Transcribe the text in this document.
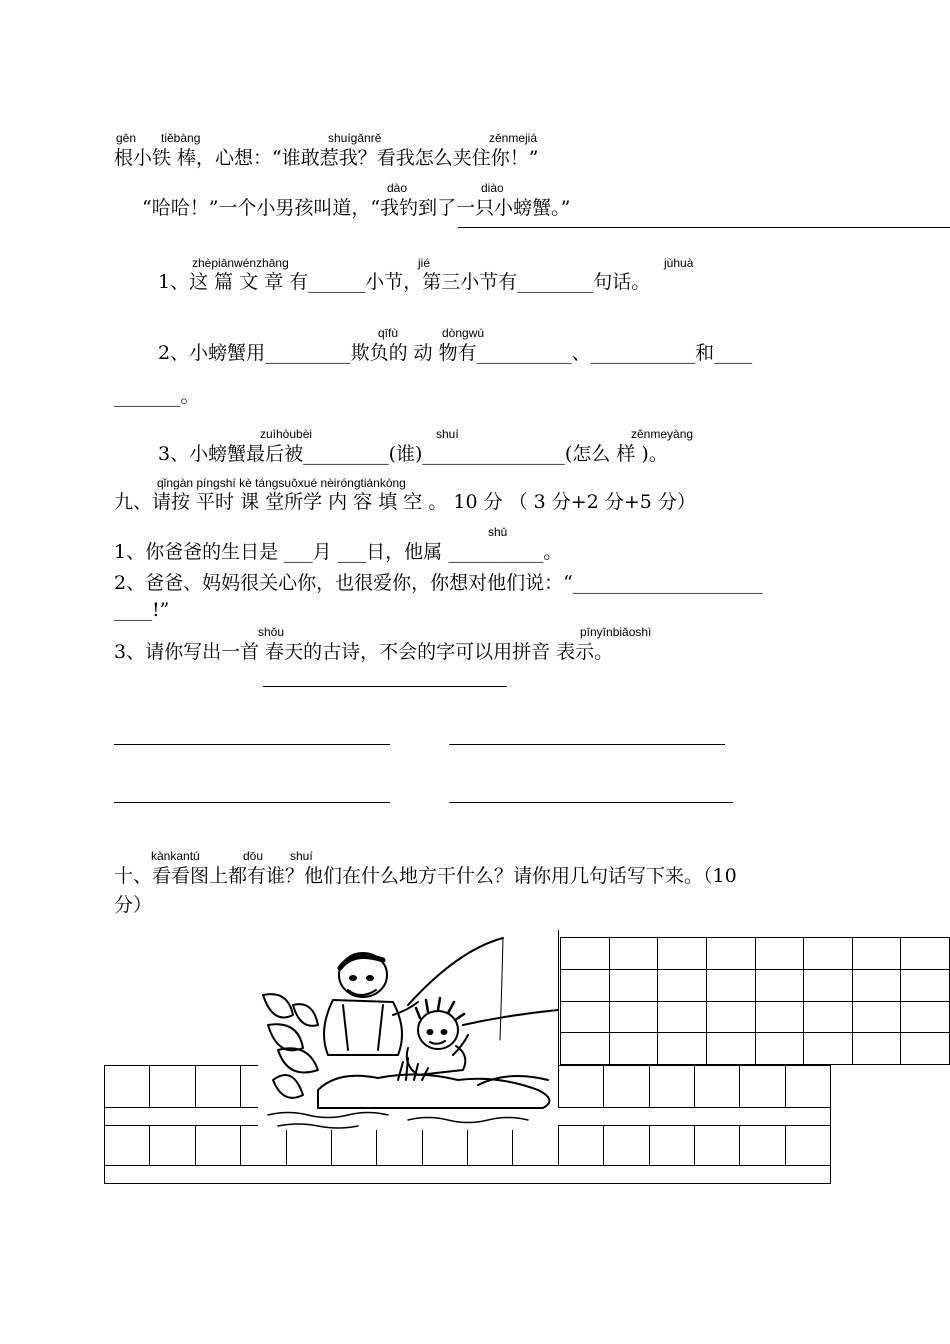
gēn tiěbàng	shuígǎnrě	zěnmejiá
根小铁 棒，心想：“谁敢惹我？看我怎么夹住你！”
dào	diào
“哈哈！”一个小男孩叫道，“我钓到了一只小螃蟹。”
zhèpiānwénzhāng	jié	jùhuà
1、这 篇 文 章 有______小节，第三小节有________句话。
qīfù	dòngwù
2、小螃蟹用_________欺负的 动 物有__________、___________和____
_______。
zuìhòubèi	shuí	zěnmeyàng
3、小螃蟹最后被_________(谁)_______________(怎么 样 )。
qǐngàn píngshí kè tángsuǒxué nèiróngtiánkòng
九、请按 平时 课 堂所学 内 容 填 空 。 10 分 （ 3 分+2 分+5 分）
shǔ
1、你爸爸的生日是 ___月 ___日，他属 __________。
2、爸爸、妈妈很关心你，也很爱你，你想对他们说：“____________________
____!”
shǒu	pīnyīnbiǎoshì
3、请你写出一首 春天的古诗，不会的字可以用拼音 表示。
kànkantú	dōu shuí
十、看看图上都有谁？他们在什么地方干什么？请你用几句话写下来。（10
分）
